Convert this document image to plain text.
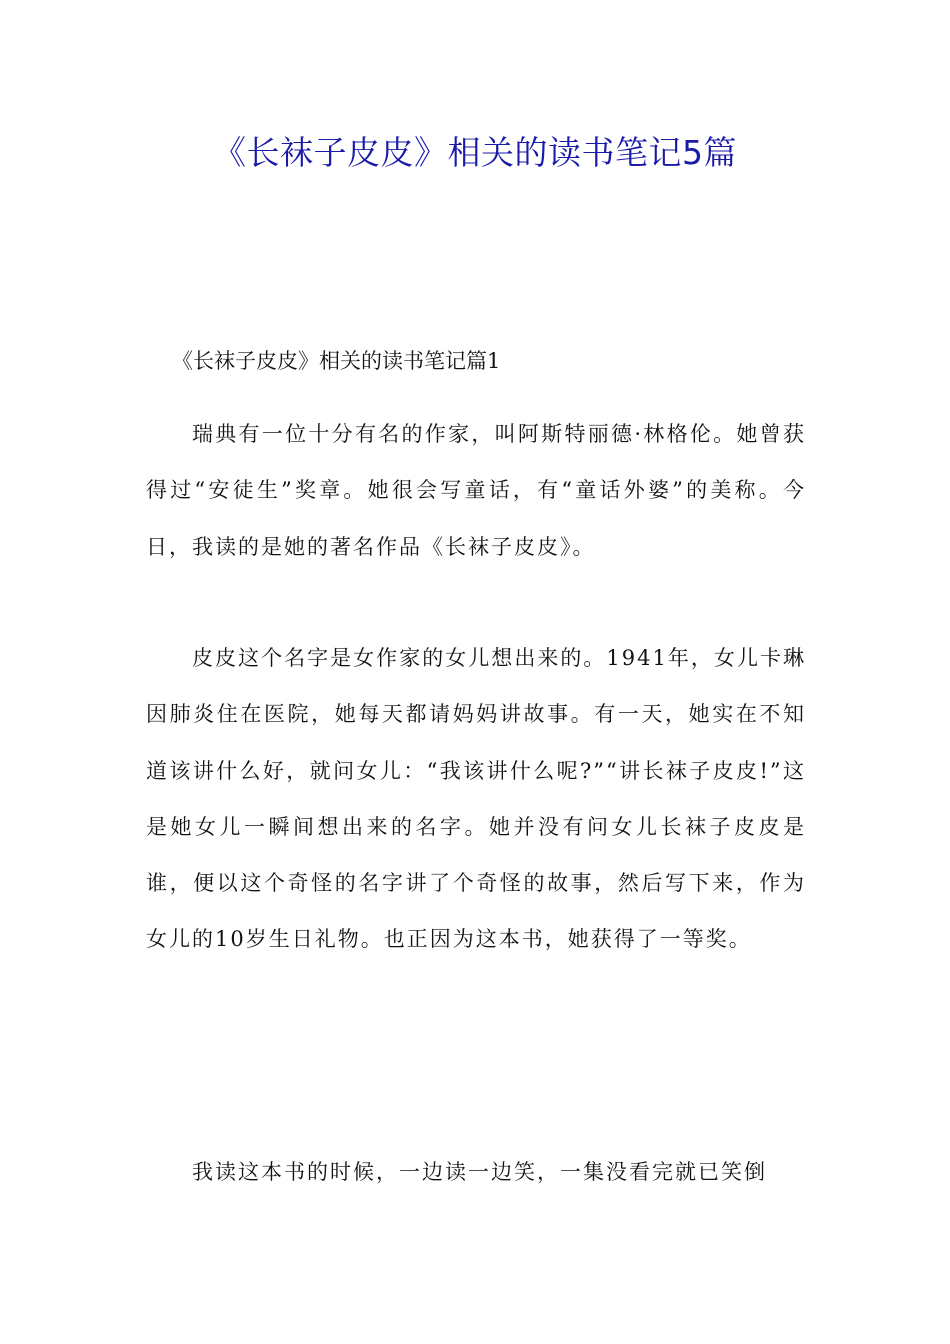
《长袜子皮皮》相关的读书笔记5篇
《长袜子皮皮》相关的读书笔记篇1

瑞典有一位十分有名的作家，叫阿斯特丽德·林格伦。她曾获得过“安徒生”奖章。她很会写童话，有“童话外婆”的美称。今日，我读的是她的著名作品《长袜子皮皮》。

皮皮这个名字是女作家的女儿想出来的。1941年，女儿卡琳因肺炎住在医院，她每天都请妈妈讲故事。有一天，她实在不知道该讲什么好，就问女儿：“我该讲什么呢?”“讲长袜子皮皮!”这是她女儿一瞬间想出来的名字。她并没有问女儿长袜子皮皮是谁，便以这个奇怪的名字讲了个奇怪的故事，然后写下来，作为女儿的10岁生日礼物。也正因为这本书，她获得了一等奖。

我读这本书的时候，一边读一边笑，一集没看完就已笑倒
